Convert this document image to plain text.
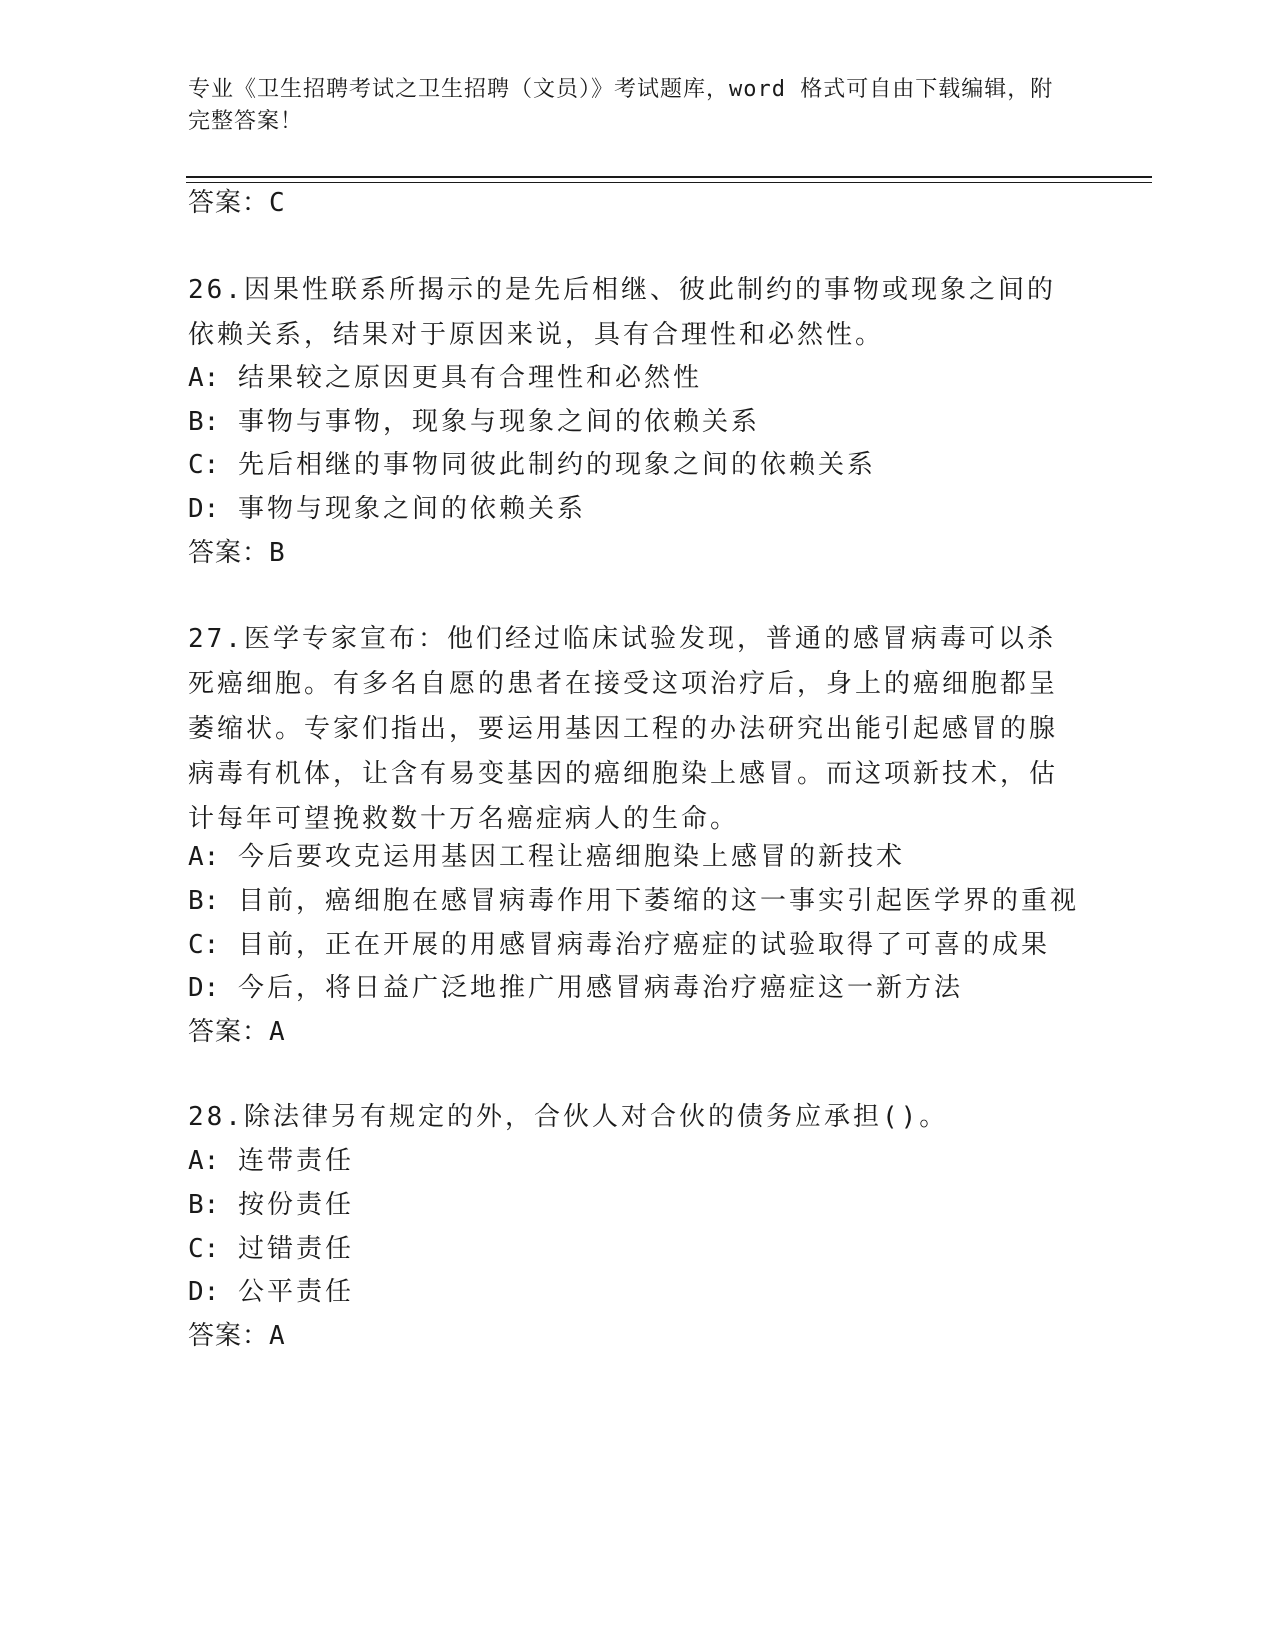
专业《卫生招聘考试之卫生招聘（文员）》考试题库，word 格式可自由下载编辑，附完整答案！
答案：C
26.因果性联系所揭示的是先后相继、彼此制约的事物或现象之间的依赖关系，结果对于原因来说，具有合理性和必然性。
A: 结果较之原因更具有合理性和必然性
B: 事物与事物，现象与现象之间的依赖关系
C: 先后相继的事物同彼此制约的现象之间的依赖关系
D: 事物与现象之间的依赖关系
答案：B
27.医学专家宣布：他们经过临床试验发现，普通的感冒病毒可以杀死癌细胞。有多名自愿的患者在接受这项治疗后，身上的癌细胞都呈萎缩状。专家们指出，要运用基因工程的办法研究出能引起感冒的腺病毒有机体，让含有易变基因的癌细胞染上感冒。而这项新技术，估计每年可望挽救数十万名癌症病人的生命。
A: 今后要攻克运用基因工程让癌细胞染上感冒的新技术
B: 目前，癌细胞在感冒病毒作用下萎缩的这一事实引起医学界的重视
C: 目前，正在开展的用感冒病毒治疗癌症的试验取得了可喜的成果
D: 今后，将日益广泛地推广用感冒病毒治疗癌症这一新方法
答案：A
28.除法律另有规定的外，合伙人对合伙的债务应承担()。
A: 连带责任
B: 按份责任
C: 过错责任
D: 公平责任
答案：A
